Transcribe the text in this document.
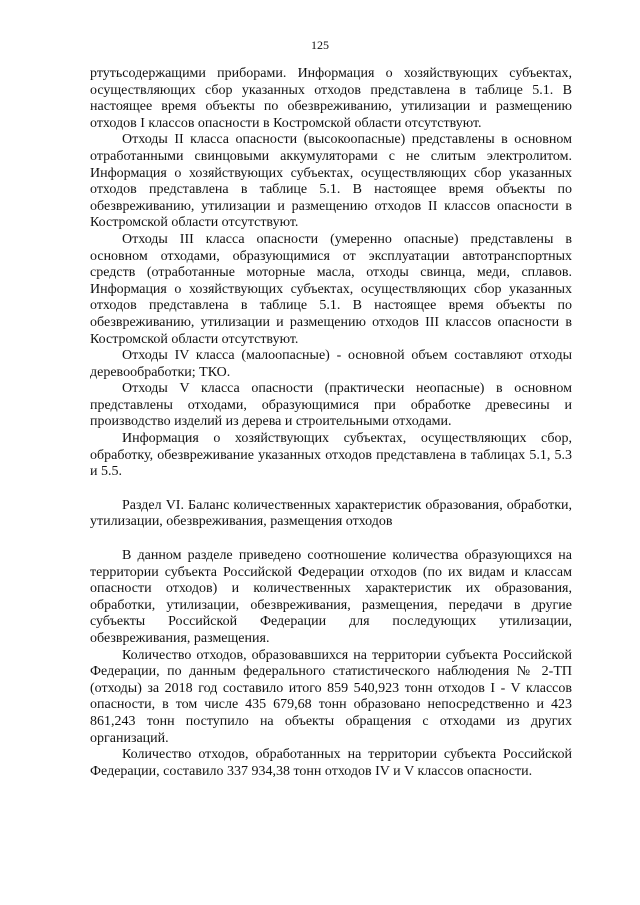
125

ртутьсодержащими приборами. Информация о хозяйствующих субъектах, осуществляющих сбор указанных отходов представлена в таблице 5.1. В настоящее время объекты по обезвреживанию, утилизации и размещению отходов I классов опасности в Костромской области отсутствуют.

Отходы II класса опасности (высокоопасные) представлены в основном отработанными свинцовыми аккумуляторами с не слитым электролитом. Информация о хозяйствующих субъектах, осуществляющих сбор указанных отходов представлена в таблице 5.1. В настоящее время объекты по обезвреживанию, утилизации и размещению отходов II классов опасности в Костромской области отсутствуют.

Отходы III класса опасности (умеренно опасные) представлены в основном отходами, образующимися от эксплуатации автотранспортных средств (отработанные моторные масла, отходы свинца, меди, сплавов. Информация о хозяйствующих субъектах, осуществляющих сбор указанных отходов представлена в таблице 5.1. В настоящее время объекты по обезвреживанию, утилизации и размещению отходов III классов опасности в Костромской области отсутствуют.

Отходы IV класса (малоопасные) - основной объем составляют отходы деревообработки; ТКО.

Отходы V класса опасности (практически неопасные) в основном представлены отходами, образующимися при обработке древесины и производство изделий из дерева и строительными отходами.

Информация о хозяйствующих субъектах, осуществляющих сбор, обработку, обезвреживание указанных отходов представлена в таблицах 5.1, 5.3 и 5.5.

Раздел VI. Баланс количественных характеристик образования, обработки, утилизации, обезвреживания, размещения отходов

В данном разделе приведено соотношение количества образующихся на территории субъекта Российской Федерации отходов (по их видам и классам опасности отходов) и количественных характеристик их образования, обработки, утилизации, обезвреживания, размещения, передачи в другие субъекты Российской Федерации для последующих утилизации, обезвреживания, размещения.

Количество отходов, образовавшихся на территории субъекта Российской Федерации, по данным федерального статистического наблюдения № 2-ТП (отходы) за 2018 год составило итого 859 540,923 тонн отходов I - V классов опасности, в том числе 435 679,68 тонн образовано непосредственно и 423 861,243 тонн поступило на объекты обращения с отходами из других организаций.

Количество отходов, обработанных на территории субъекта Российской Федерации, составило 337 934,38 тонн отходов IV и V классов опасности.
